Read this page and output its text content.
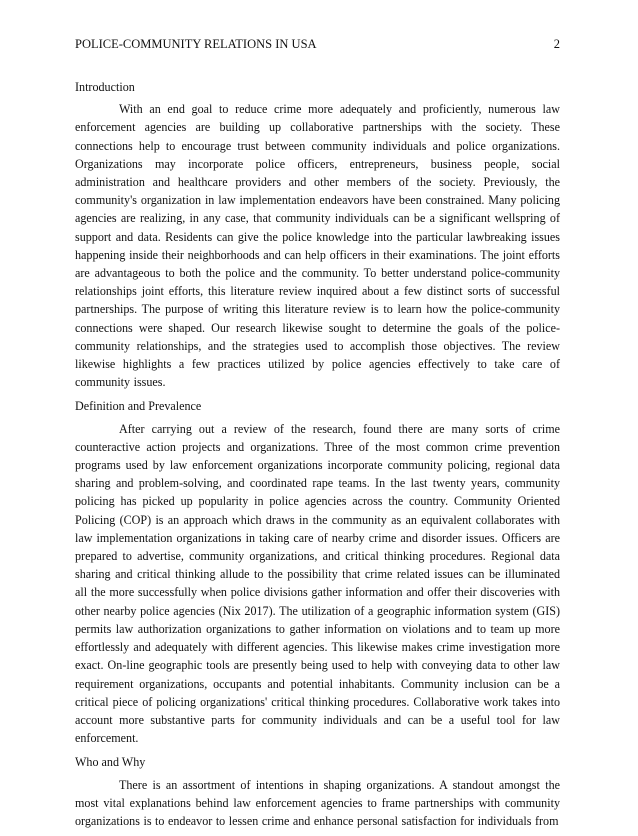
POLICE-COMMUNITY RELATIONS IN USA	2

Introduction

With an end goal to reduce crime more adequately and proficiently, numerous law enforcement agencies are building up collaborative partnerships with the society. These connections help to encourage trust between community individuals and police organizations. Organizations may incorporate police officers, entrepreneurs, business people, social administration and healthcare providers and other members of the society. Previously, the community's organization in law implementation endeavors have been constrained. Many policing agencies are realizing, in any case, that community individuals can be a significant wellspring of support and data. Residents can give the police knowledge into the particular lawbreaking issues happening inside their neighborhoods and can help officers in their examinations. The joint efforts are advantageous to both the police and the community. To better understand police-community relationships joint efforts, this literature review inquired about a few distinct sorts of successful partnerships. The purpose of writing this literature review is to learn how the police-community connections were shaped. Our research likewise sought to determine the goals of the police-community relationships, and the strategies used to accomplish those objectives. The review likewise highlights a few practices utilized by police agencies effectively to take care of community issues.

Definition and Prevalence

After carrying out a review of the research, found there are many sorts of crime counteractive action projects and organizations. Three of the most common crime prevention programs used by law enforcement organizations incorporate community policing, regional data sharing and problem-solving, and coordinated rape teams. In the last twenty years, community policing has picked up popularity in police agencies across the country. Community Oriented Policing (COP) is an approach which draws in the community as an equivalent collaborates with law implementation organizations in taking care of nearby crime and disorder issues. Officers are prepared to advertise, community organizations, and critical thinking procedures. Regional data sharing and critical thinking allude to the possibility that crime related issues can be illuminated all the more successfully when police divisions gather information and offer their discoveries with other nearby police agencies (Nix 2017). The utilization of a geographic information system (GIS) permits law authorization organizations to gather information on violations and to team up more effortlessly and adequately with different agencies. This likewise makes crime investigation more exact. On-line geographic tools are presently being used to help with conveying data to other law requirement organizations, occupants and potential inhabitants. Community inclusion can be a critical piece of policing organizations' critical thinking procedures. Collaborative work takes into account more substantive parts for community individuals and can be a useful tool for law enforcement.

Who and Why

There is an assortment of intentions in shaping organizations. A standout amongst the most vital explanations behind law enforcement agencies to frame partnerships with community organizations is to endeavor to lessen crime and enhance personal satisfaction for individuals from
